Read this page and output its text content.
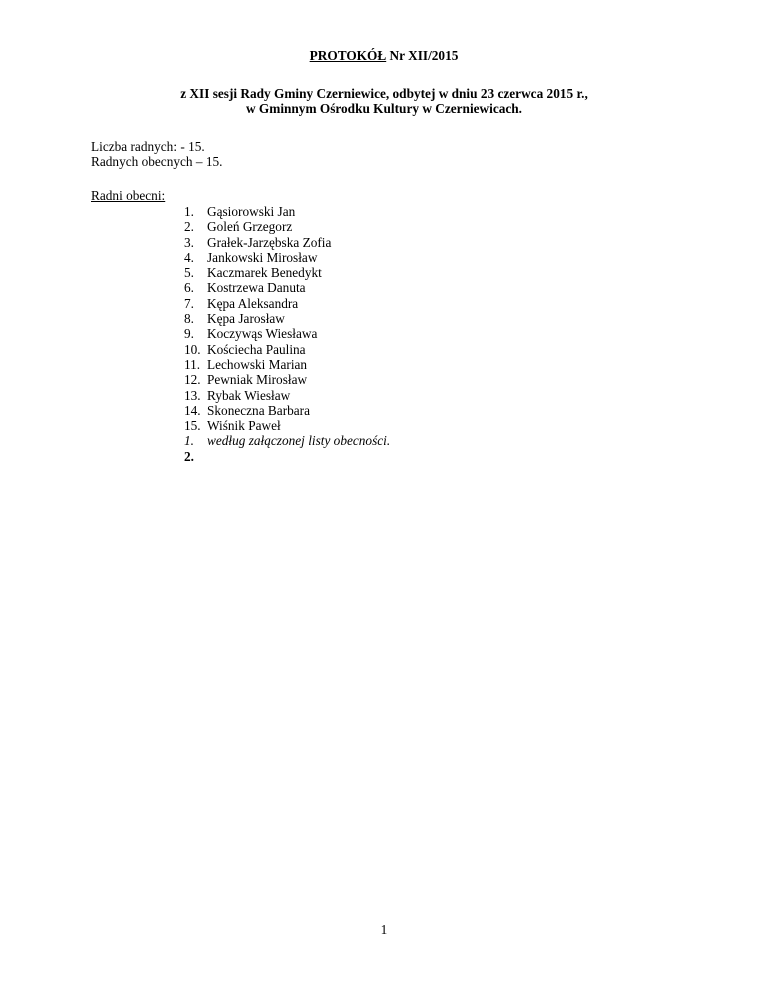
PROTOKÓŁ Nr XII/2015
z XII sesji Rady Gminy Czerniewice, odbytej w dniu 23 czerwca 2015 r.,
w Gminnym Ośrodku Kultury w Czerniewicach.
Liczba radnych: - 15.
Radnych obecnych – 15.
Radni obecni:
1. Gąsiorowski Jan
2. Goleń Grzegorz
3. Grałek-Jarzębska Zofia
4. Jankowski Mirosław
5. Kaczmarek Benedykt
6. Kostrzewa Danuta
7. Kępa Aleksandra
8. Kępa Jarosław
9. Koczywąs Wiesława
10. Kościecha Paulina
11. Lechowski Marian
12. Pewniak Mirosław
13. Rybak Wiesław
14. Skoneczna Barbara
15. Wiśnik Paweł
1. według załączonej listy obecności.
2.
1
